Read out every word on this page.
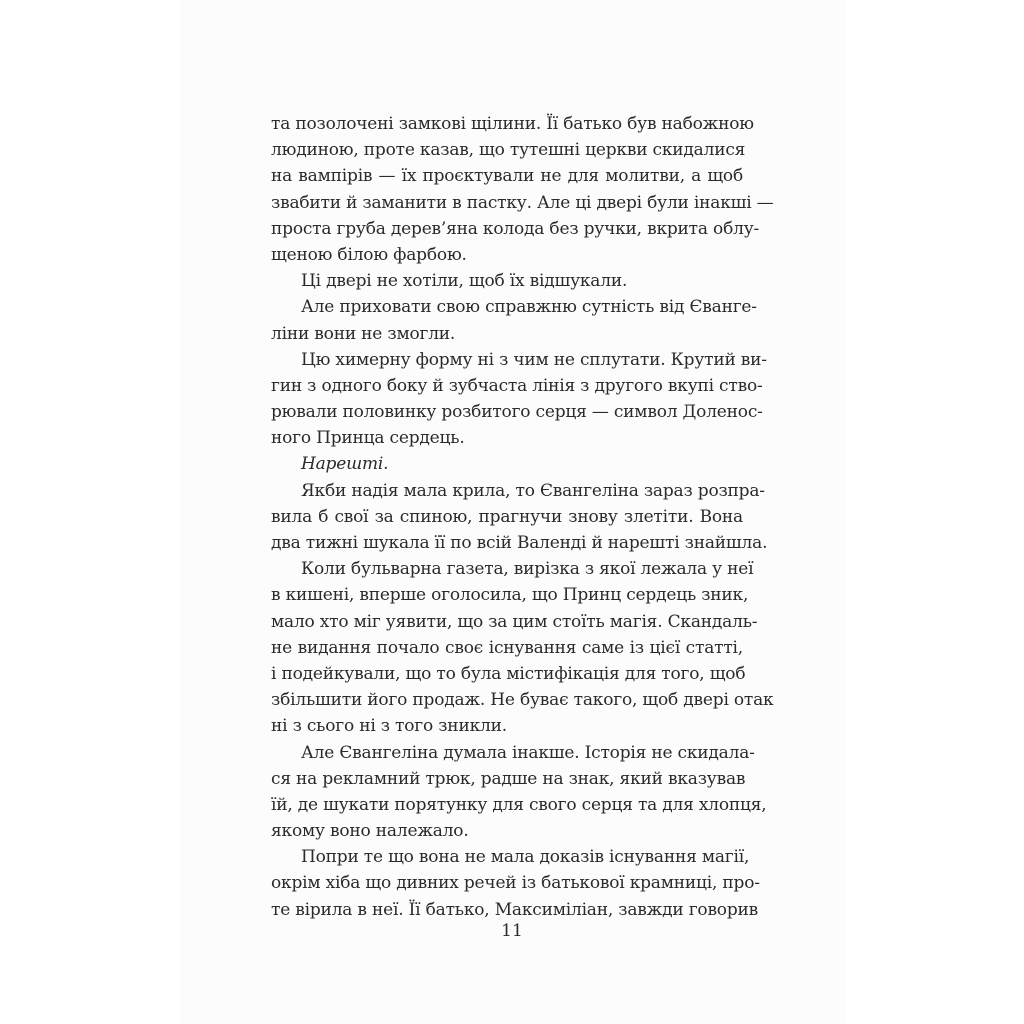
та позолочені замкові щілини. Її батько був набожною
людиною, проте казав, що тутешні церкви скидалися
на вампірів — їх проєктували не для молитви, а щоб
звабити й заманити в пастку. Але ці двері були інакші —
проста груба дерев’яна колода без ручки, вкрита облу-
щеною білою фарбою.
Ці двері не хотіли, щоб їх відшукали.
Але приховати свою справжню сутність від Єванге-
ліни вони не змогли.
Цю химерну форму ні з чим не сплутати. Крутий ви-
гин з одного боку й зубчаста лінія з другого вкупі ство-
рювали половинку розбитого серця — символ Доленос-
ного Принца сердець.
Нарешті.
Якби надія мала крила, то Євангеліна зараз розпра-
вила б свої за спиною, прагнучи знову злетіти. Вона
два тижні шукала її по всій Валенді й нарешті знайшла.
Коли бульварна газета, вирізка з якої лежала у неї
в кишені, вперше оголосила, що Принц сердець зник,
мало хто міг уявити, що за цим стоїть магія. Скандаль-
не видання почало своє існування саме із цієї статті,
і подейкували, що то була містифікація для того, щоб
збільшити його продаж. Не буває такого, щоб двері отак
ні з сього ні з того зникли.
Але Євангеліна думала інакше. Історія не скидала-
ся на рекламний трюк, радше на знак, який вказував
їй, де шукати порятунку для свого серця та для хлопця,
якому воно належало.
Попри те що вона не мала доказів існування магії,
окрім хіба що дивних речей із батькової крамниці, про-
те вірила в неї. Її батько, Максиміліан, завжди говорив
11
